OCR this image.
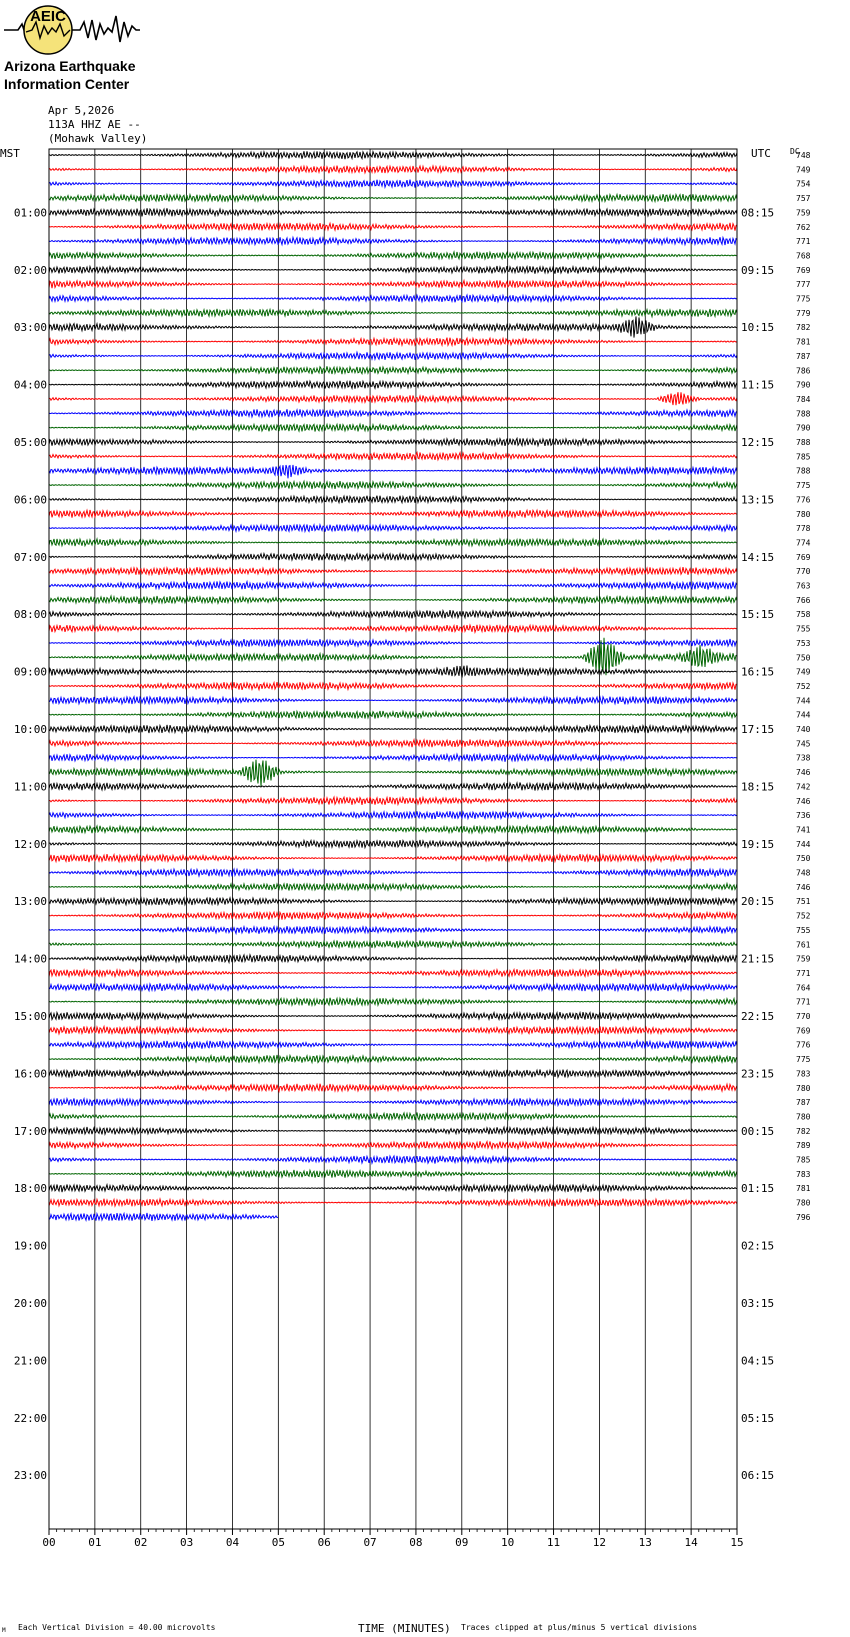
AEIC
Arizona Earthquake
Information Center
Apr 5,2026
113A HHZ AE --
(Mohawk Valley)
MST	UTC DC
01:00	08:15
02:00	09:15
03:00	10:15
04:00	11:15
05:00	12:15
06:00	13:15
07:00	14:15
08:00	15:15
09:00	16:15
10:00	17:15
11:00	18:15
12:00	19:15
13:00	20:15
14:00	21:15
15:00	22:15
16:00	23:15
17:00	00:15
18:00	01:15
19:00	02:15
20:00	03:15
21:00	04:15
22:00	05:15
23:00	06:15
748
749
754
757
759
762
771
768
769
777
775
779
782
781
787
786
790
784
788
790
788
785
788
775
776
780
778
774
769
770
763
766
758
755
753
750
749
752
744
744
740
745
738
746
742
746
736
741
744
750
748
746
751
752
755
761
759
771
764
771
770
769
776
775
783
780
787
780
782
789
785
783
781
780
796
00	01	02	03	04	05	06	07	08	09	10	11	12	13	14	15
M Each Vertical Division = 40.00 microvolts	TIME (MINUTES) Traces clipped at plus/minus 5 vertical divisions
